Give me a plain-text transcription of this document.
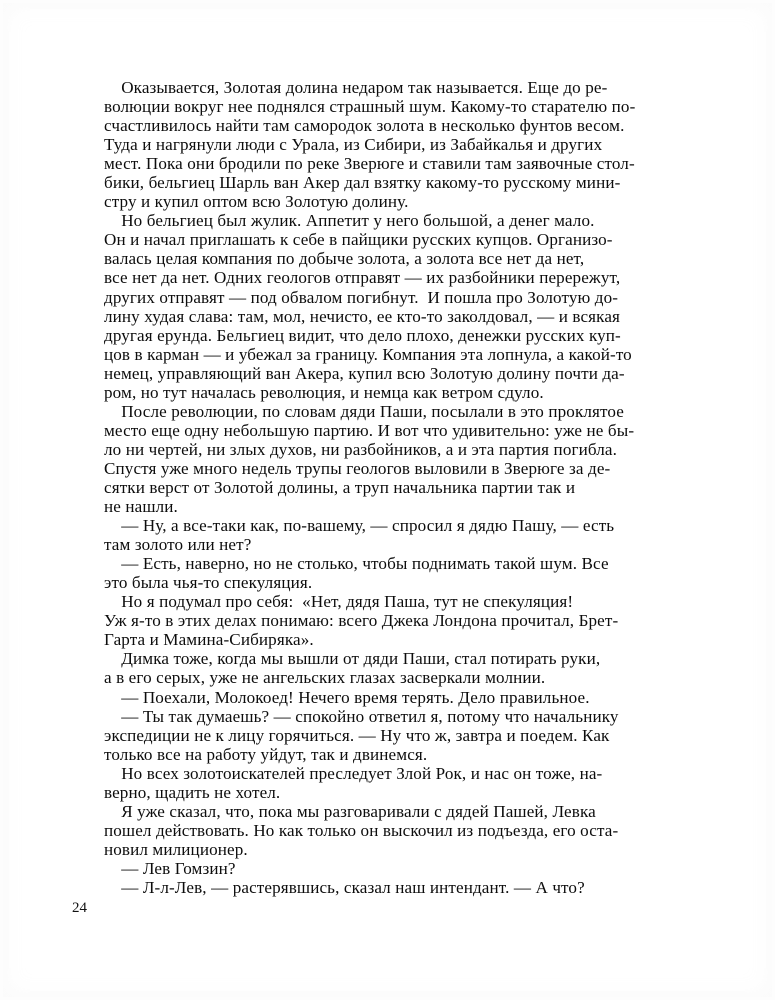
 Оказывается, Золотая долина недаром так называется. Еще до ре-
волюции вокруг нее поднялся страшный шум. Какому-то старателю по-
счастливилось найти там самородок золота в несколько фунтов весом.
Туда и нагрянули люди с Урала, из Сибири, из Забайкалья и других
мест. Пока они бродили по реке Зверюге и ставили там заявочные стол-
бики, бельгиец Шарль ван Акер дал взятку какому-то русскому мини-
стру и купил оптом всю Золотую долину.
 Но бельгиец был жулик. Аппетит у него большой, а денег мало.
Он и начал приглашать к себе в пайщики русских купцов. Организо-
валась целая компания по добыче золота, а золота все нет да нет,
все нет да нет. Одних геологов отправят — их разбойники перережут,
других отправят — под обвалом погибнут.  И пошла про Золотую до-
лину худая слава: там, мол, нечисто, ее кто-то заколдовал, — и всякая
другая ерунда. Бельгиец видит, что дело плохо, денежки русских куп-
цов в карман — и убежал за границу. Компания эта лопнула, а какой-то
немец, управляющий ван Акера, купил всю Золотую долину почти да-
ром, но тут началась революция, и немца как ветром сдуло.
 После революции, по словам дяди Паши, посылали в это проклятое
место еще одну небольшую партию. И вот что удивительно: уже не бы-
ло ни чертей, ни злых духов, ни разбойников, а и эта партия погибла.
Спустя уже много недель трупы геологов выловили в Зверюге за де-
сятки верст от Золотой долины, а труп начальника партии так и
не нашли.
 — Ну, а все-таки как, по-вашему, — спросил я дядю Пашу, — есть
там золото или нет?
 — Есть, наверно, но не столько, чтобы поднимать такой шум. Все
это была чья-то спекуляция.
 Но я подумал про себя:  «Нет, дядя Паша, тут не спекуляция!
Уж я-то в этих делах понимаю: всего Джека Лондона прочитал, Брет-
Гарта и Мамина-Сибиряка».
 Димка тоже, когда мы вышли от дяди Паши, стал потирать руки,
а в его серых, уже не ангельских глазах засверкали молнии.
 — Поехали, Молокоед! Нечего время терять. Дело правильное.
 — Ты так думаешь? — спокойно ответил я, потому что начальнику
экспедиции не к лицу горячиться. — Ну что ж, завтра и поедем. Как
только все на работу уйдут, так и двинемся.
 Но всех золотоискателей преследует Злой Рок, и нас он тоже, на-
верно, щадить не хотел.
 Я уже сказал, что, пока мы разговаривали с дядей Пашей, Левка
пошел действовать. Но как только он выскочил из подъезда, его оста-
новил милиционер.
 — Лев Гомзин?
 — Л-л-Лев, — растерявшись, сказал наш интендант. — А что?
24
